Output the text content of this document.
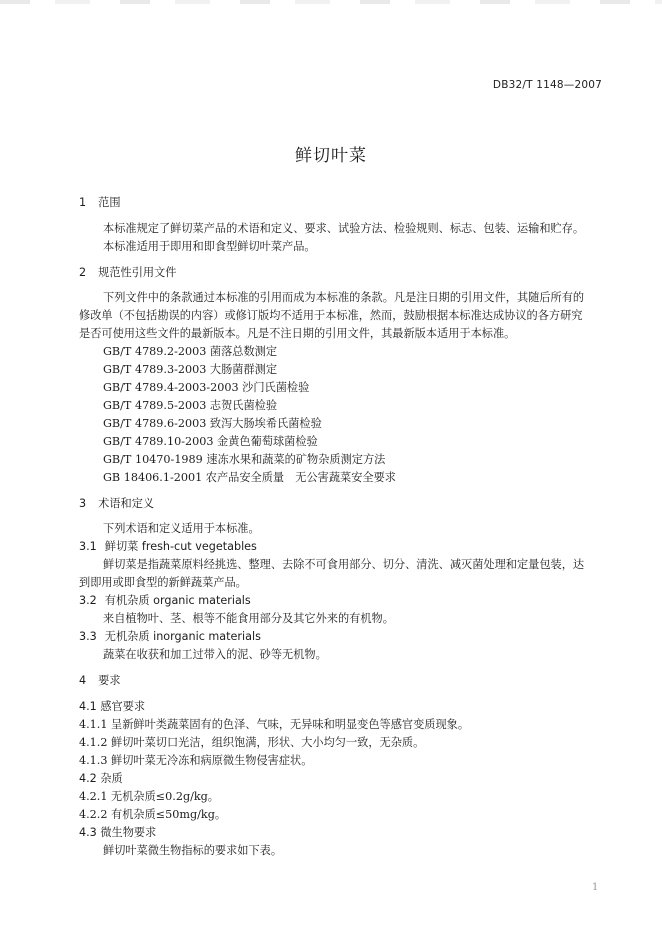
DB32/T 1148—2007
鲜切叶菜
1 范围
本标准规定了鲜切菜产品的术语和定义、要求、试验方法、检验规则、标志、包装、运输和贮存。
本标准适用于即用和即食型鲜切叶菜产品。
2 规范性引用文件
下列文件中的条款通过本标准的引用而成为本标准的条款。凡是注日期的引用文件，其随后所有的
修改单（不包括勘误的内容）或修订版均不适用于本标准，然而，鼓励根据本标准达成协议的各方研究
是否可使用这些文件的最新版本。凡是不注日期的引用文件，其最新版本适用于本标准。
GB/T 4789.2-2003 菌落总数测定
GB/T 4789.3-2003 大肠菌群测定
GB/T 4789.4-2003-2003 沙门氏菌检验
GB/T 4789.5-2003 志贺氏菌检验
GB/T 4789.6-2003 致泻大肠埃希氏菌检验
GB/T 4789.10-2003 金黄色葡萄球菌检验
GB/T 10470-1989 速冻水果和蔬菜的矿物杂质测定方法
GB 18406.1-2001 农产品安全质量　无公害蔬菜安全要求
3 术语和定义
下列术语和定义适用于本标准。
3.1 鲜切菜 fresh-cut vegetables
鲜切菜是指蔬菜原料经挑选、整理、去除不可食用部分、切分、清洗、减灭菌处理和定量包装，达
到即用或即食型的新鲜蔬菜产品。
3.2 有机杂质 organic materials
来自植物叶、茎、根等不能食用部分及其它外来的有机物。
3.3 无机杂质 inorganic materials
蔬菜在收获和加工过带入的泥、砂等无机物。
4 要求
4.1 感官要求
4.1.1 呈新鲜叶类蔬菜固有的色泽、气味，无异味和明显变色等感官变质现象。
4.1.2 鲜切叶菜切口光洁，组织饱满，形状、大小均匀一致，无杂质。
4.1.3 鲜切叶菜无冷冻和病原微生物侵害症状。
4.2 杂质
4.2.1 无机杂质≤0.2g/kg。
4.2.2 有机杂质≤50mg/kg。
4.3 微生物要求
鲜切叶菜微生物指标的要求如下表。
1
